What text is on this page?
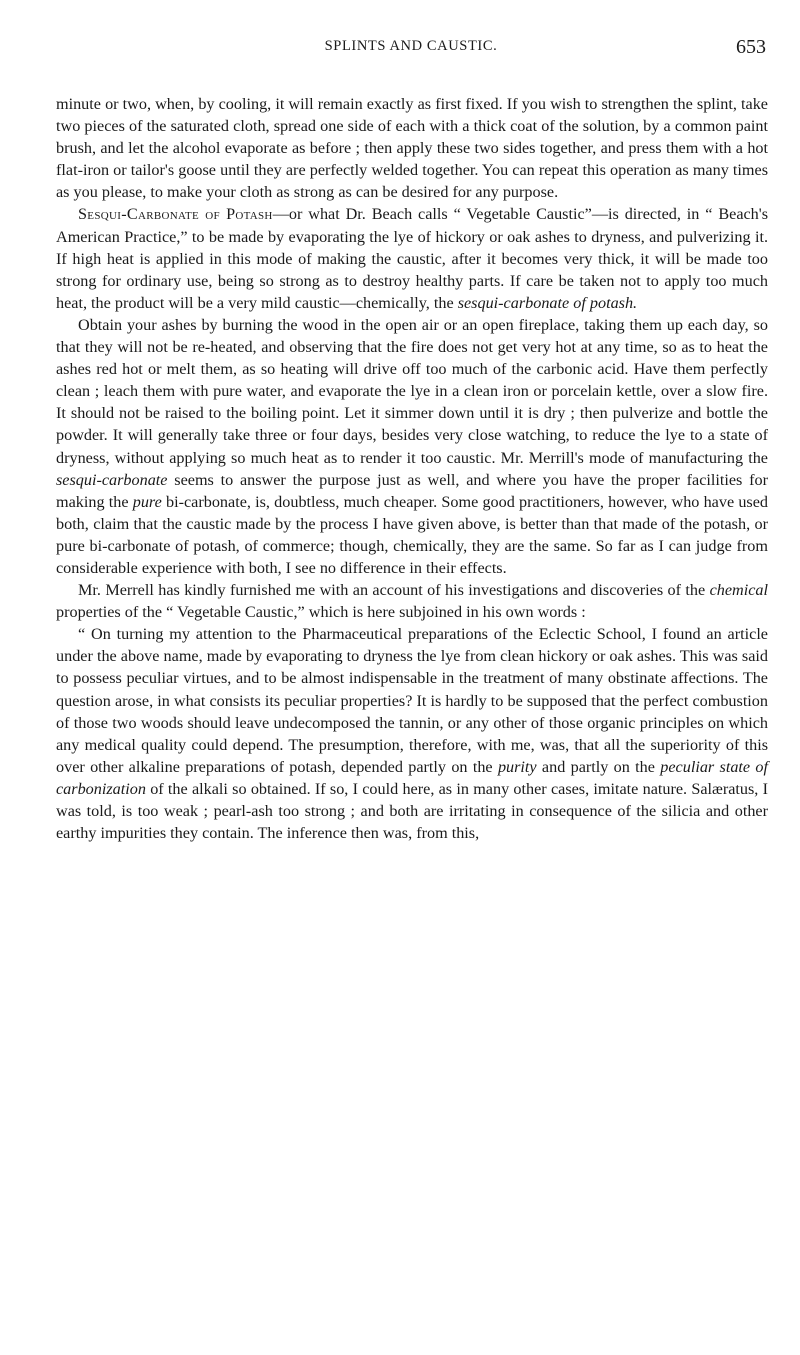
SPLINTS AND CAUSTIC.	653

minute or two, when, by cooling, it will remain exactly as first fixed. If you wish to strengthen the splint, take two pieces of the saturated cloth, spread one side of each with a thick coat of the solution, by a common paint brush, and let the alcohol evaporate as before ; then apply these two sides together, and press them with a hot flat-iron or tailor's goose until they are perfectly welded together. You can repeat this operation as many times as you please, to make your cloth as strong as can be desired for any purpose.

Sesqui-Carbonate of Potash—or what Dr. Beach calls “ Vegetable Caustic”—is directed, in “ Beach's American Practice,” to be made by evaporating the lye of hickory or oak ashes to dryness, and pulverizing it. If high heat is applied in this mode of making the caustic, after it becomes very thick, it will be made too strong for ordinary use, being so strong as to destroy healthy parts. If care be taken not to apply too much heat, the product will be a very mild caustic—chemically, the sesqui-carbonate of potash.

Obtain your ashes by burning the wood in the open air or an open fireplace, taking them up each day, so that they will not be re-heated, and observing that the fire does not get very hot at any time, so as to heat the ashes red hot or melt them, as so heating will drive off too much of the carbonic acid. Have them perfectly clean ; leach them with pure water, and evaporate the lye in a clean iron or porcelain kettle, over a slow fire. It should not be raised to the boiling point. Let it simmer down until it is dry ; then pulverize and bottle the powder. It will generally take three or four days, besides very close watching, to reduce the lye to a state of dryness, without applying so much heat as to render it too caustic. Mr. Merrill's mode of manufacturing the sesqui-carbonate seems to answer the purpose just as well, and where you have the proper facilities for making the pure bi-carbonate, is, doubtless, much cheaper. Some good practitioners, however, who have used both, claim that the caustic made by the process I have given above, is better than that made of the potash, or pure bi-carbonate of potash, of commerce; though, chemically, they are the same. So far as I can judge from considerable experience with both, I see no difference in their effects.

Mr. Merrell has kindly furnished me with an account of his investigations and discoveries of the chemical properties of the “ Vegetable Caustic,” which is here subjoined in his own words :

“ On turning my attention to the Pharmaceutical preparations of the Eclectic School, I found an article under the above name, made by evaporating to dryness the lye from clean hickory or oak ashes. This was said to possess peculiar virtues, and to be almost indispensable in the treatment of many obstinate affections. The question arose, in what consists its peculiar properties? It is hardly to be supposed that the perfect combustion of those two woods should leave undecomposed the tannin, or any other of those organic principles on which any medical quality could depend. The presumption, therefore, with me, was, that all the superiority of this over other alkaline preparations of potash, depended partly on the purity and partly on the peculiar state of carbonization of the alkali so obtained. If so, I could here, as in many other cases, imitate nature. Salæratus, I was told, is too weak ; pearl-ash too strong ; and both are irritating in consequence of the silicia and other earthy impurities they contain. The inference then was, from this,
